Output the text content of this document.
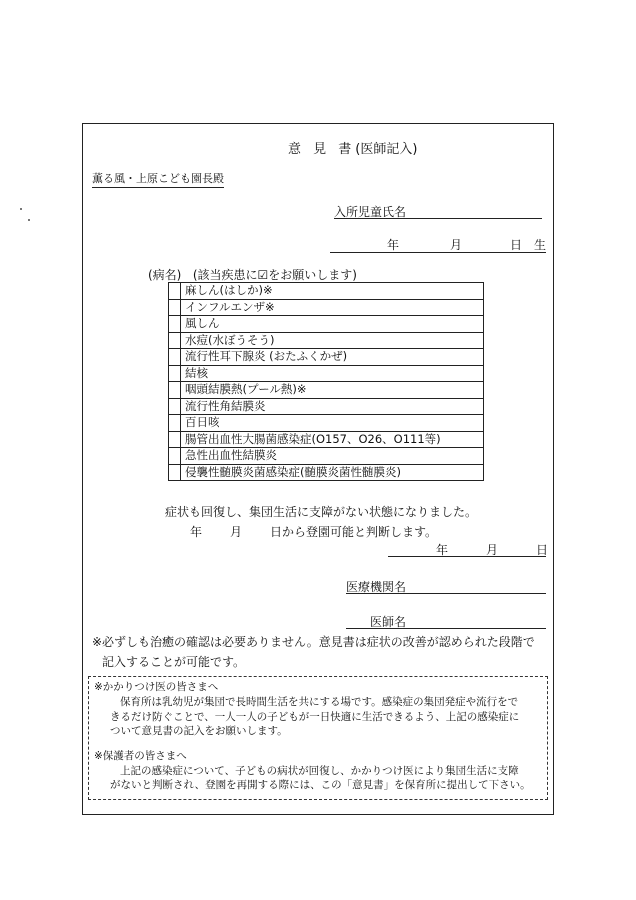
意 見 書(医師記入)
薫る風・上原こども園長殿
入所児童氏名
年	月	日 生
(病名) (該当疾患に☑をお願いします)
	麻しん(はしか)※
	インフルエンザ※
	風しん
	水痘(水ぼうそう)
	流行性耳下腺炎 (おたふくかぜ)
	結核
	咽頭結膜熱(プール熱)※
	流行性角結膜炎
	百日咳
	腸管出血性大腸菌感染症(O157、O26、O111等)
	急性出血性結膜炎
	侵襲性髄膜炎菌感染症(髄膜炎菌性髄膜炎)
症状も回復し、集団生活に支障がない状態になりました。
年 月 日から登園可能と判断します。
年	月	日
医療機関名
医師名
※必ずしも治癒の確認は必要ありません。意見書は症状の改善が認められた段階で
記入することが可能です。
※かかりつけ医の皆さまへ
保育所は乳幼児が集団で長時間生活を共にする場です。感染症の集団発症や流行をで
きるだけ防ぐことで、一人一人の子どもが一日快適に生活できるよう、上記の感染症に
ついて意見書の記入をお願いします。
※保護者の皆さまへ
上記の感染症について、子どもの病状が回復し、かかりつけ医により集団生活に支障
がないと判断され、登園を再開する際には、この「意見書」を保育所に提出して下さい。
